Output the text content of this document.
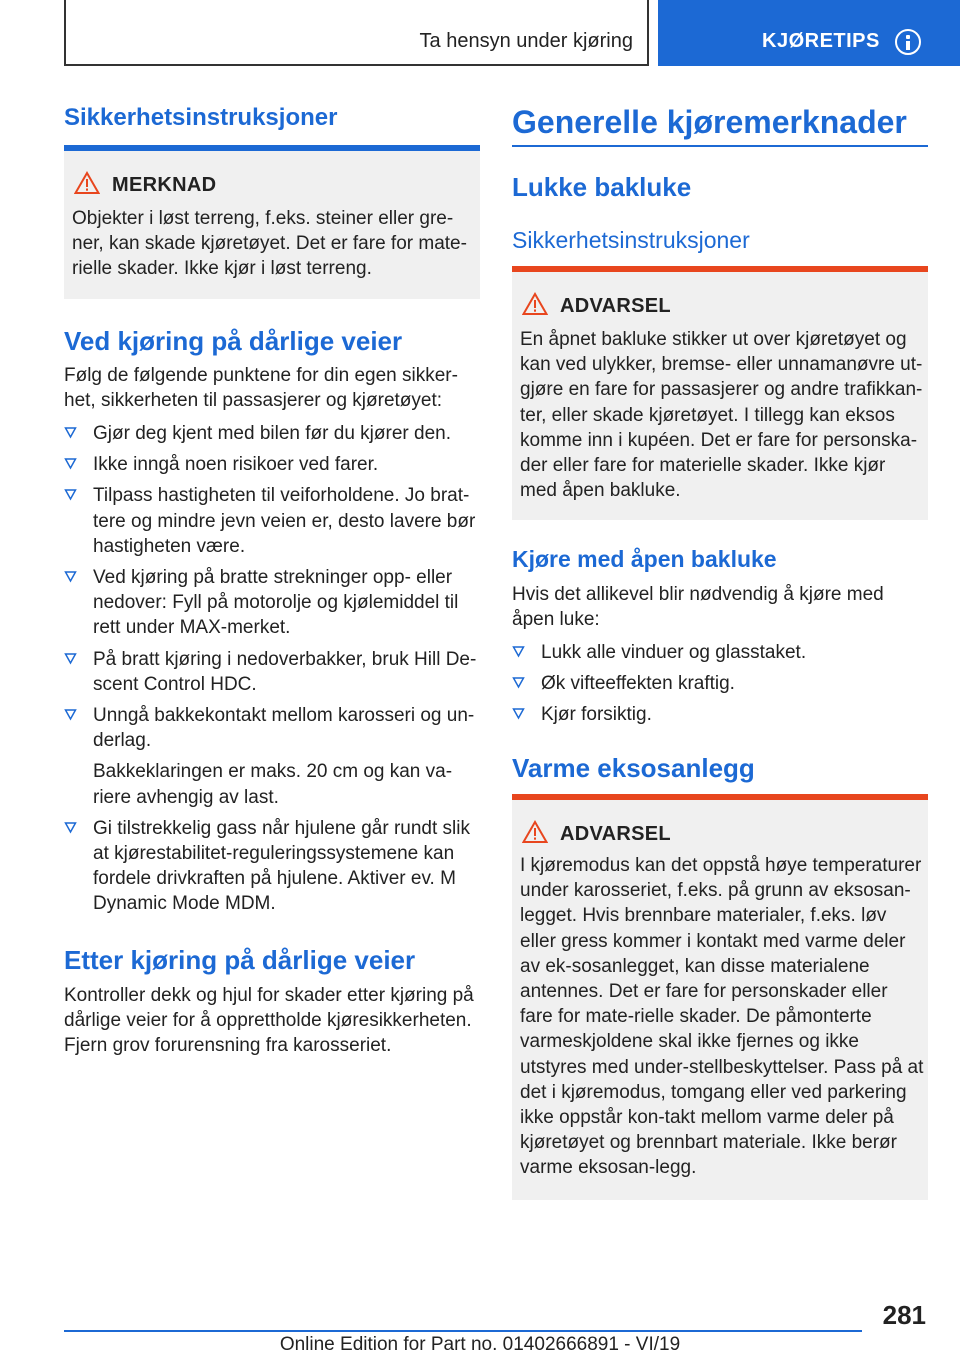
Ta hensyn under kjøring	KJØRETIPS
Sikkerhetsinstruksjoner
MERKNAD
Objekter i løst terreng, f.eks. steiner eller gre-ner, kan skade kjøretøyet. Det er fare for mate-rielle skader. Ikke kjør i løst terreng.
Ved kjøring på dårlige veier
Følg de følgende punktene for din egen sikker-het, sikkerheten til passasjerer og kjøretøyet:
Gjør deg kjent med bilen før du kjører den.
Ikke inngå noen risikoer ved farer.
Tilpass hastigheten til veiforholdene. Jo brat-tere og mindre jevn veien er, desto lavere bør hastigheten være.
Ved kjøring på bratte strekninger opp- eller nedover: Fyll på motorolje og kjølemiddel til rett under MAX-merket.
På bratt kjøring i nedoverbakker, bruk Hill De-scent Control HDC.
Unngå bakkekontakt mellom karosseri og un-derlag.
Bakkeklaringen er maks. 20 cm og kan va-riere avhengig av last.
Gi tilstrekkelig gass når hjulene går rundt slik at kjørestabilitet-reguleringssystemene kan fordele drivkraften på hjulene. Aktiver ev. M Dynamic Mode MDM.
Etter kjøring på dårlige veier
Kontroller dekk og hjul for skader etter kjøring på dårlige veier for å opprettholde kjøresikkerheten. Fjern grov forurensning fra karosseriet.
Generelle kjøremerknader
Lukke bakluke
Sikkerhetsinstruksjoner
ADVARSEL
En åpnet bakluke stikker ut over kjøretøyet og kan ved ulykker, bremse- eller unnamanøvre ut-gjøre en fare for passasjerer og andre trafikkan-ter, eller skade kjøretøyet. I tillegg kan eksos komme inn i kupéen. Det er fare for personska-der eller fare for materielle skader. Ikke kjør med åpen bakluke.
Kjøre med åpen bakluke
Hvis det allikevel blir nødvendig å kjøre med åpen luke:
Lukk alle vinduer og glasstaket.
Øk vifteeffekten kraftig.
Kjør forsiktig.
Varme eksosanlegg
ADVARSEL
I kjøremodus kan det oppstå høye temperaturer under karosseriet, f.eks. på grunn av eksosan-legget. Hvis brennbare materialer, f.eks. løv eller gress kommer i kontakt med varme deler av ek-sosanlegget, kan disse materialene antennes. Det er fare for personskader eller fare for mate-rielle skader. De påmonterte varmeskjoldene skal ikke fjernes og ikke utstyres med under-stellbeskyttelser. Pass på at det i kjøremodus, tomgang eller ved parkering ikke oppstår kon-takt mellom varme deler på kjøretøyet og brennbart materiale. Ikke berør varme eksosan-legg.
281
Online Edition for Part no. 01402666891 - VI/19
